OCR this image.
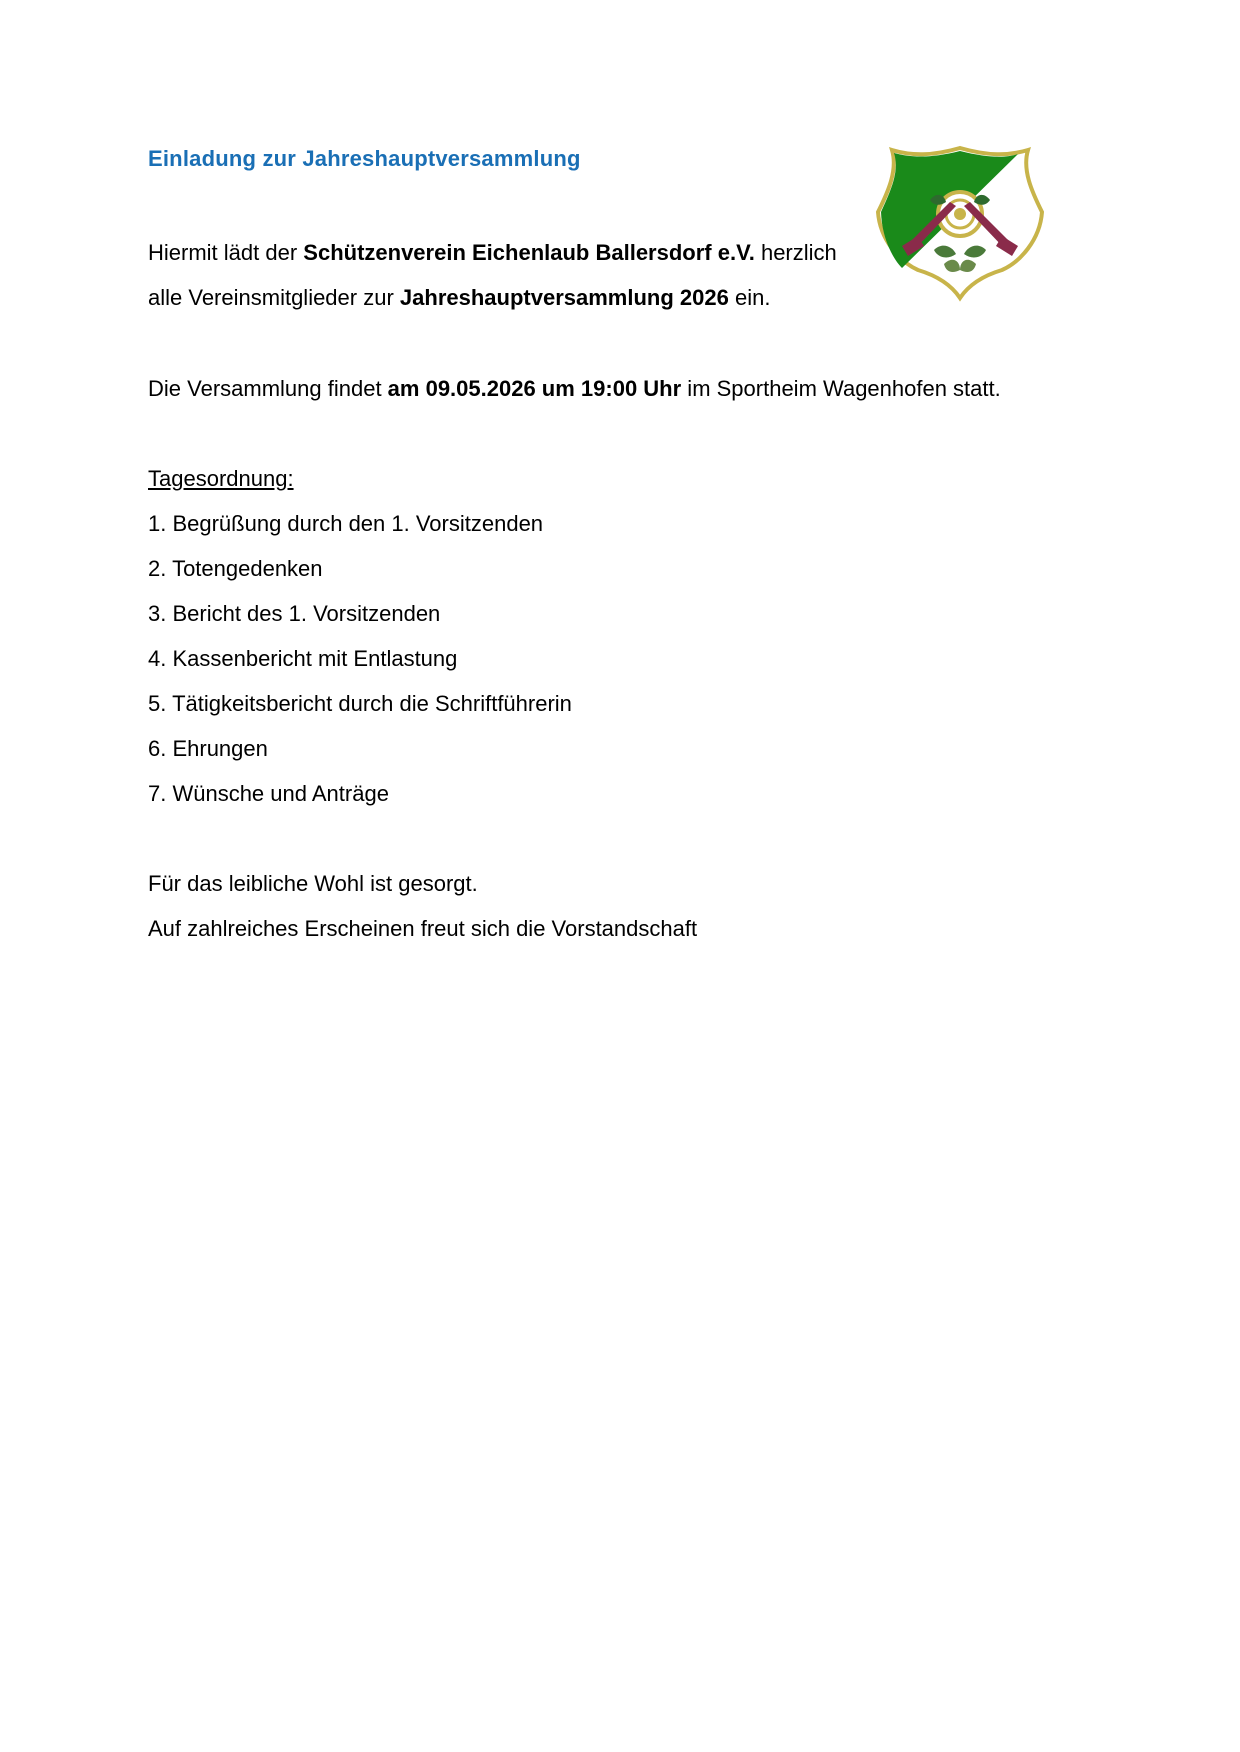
Einladung zur Jahreshauptversammlung
Hiermit lädt der Schützenverein Eichenlaub Ballersdorf e.V. herzlich
alle Vereinsmitglieder zur Jahreshauptversammlung 2026 ein.
Die Versammlung findet am 09.05.2026 um 19:00 Uhr im Sportheim Wagenhofen statt.
Tagesordnung:
1. Begrüßung durch den 1. Vorsitzenden
2. Totengedenken
3. Bericht des 1. Vorsitzenden
4. Kassenbericht mit Entlastung
5. Tätigkeitsbericht durch die Schriftführerin
6. Ehrungen
7. Wünsche und Anträge
Für das leibliche Wohl ist gesorgt.
Auf zahlreiches Erscheinen freut sich die Vorstandschaft
